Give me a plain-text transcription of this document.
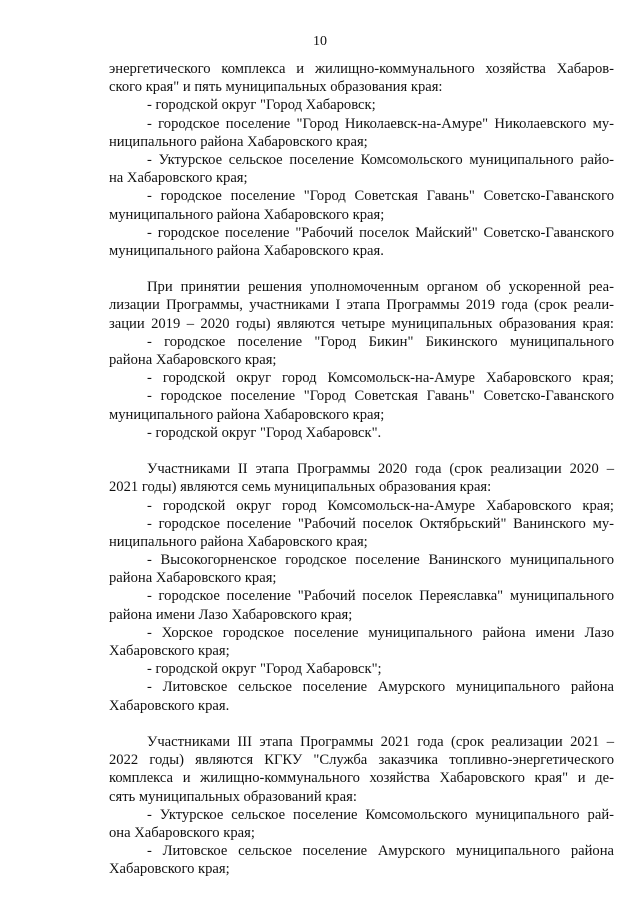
10
энергетического комплекса и жилищно-коммунального хозяйства Хабаров-
ского края" и пять муниципальных образования края:
- городской округ "Город Хабаровск;
- городское поселение "Город Николаевск-на-Амуре" Николаевского му-
ниципального района Хабаровского края;
- Уктурское сельское поселение Комсомольского муниципального райо-
на Хабаровского края;
- городское поселение "Город Советская Гавань" Советско-Гаванского
муниципального района Хабаровского края;
- городское поселение "Рабочий поселок Майский" Советско-Гаванского
муниципального района Хабаровского края.
При принятии решения уполномоченным органом об ускоренной реа-
лизации Программы, участниками I этапа Программы 2019 года (срок реали-
зации 2019 – 2020 годы) являются четыре муниципальных образования края:
- городское поселение "Город Бикин" Бикинского муниципального
района Хабаровского края;
- городской округ город Комсомольск-на-Амуре Хабаровского края;
- городское поселение "Город Советская Гавань" Советско-Гаванского
муниципального района Хабаровского края;
- городской округ "Город Хабаровск".
Участниками II этапа Программы 2020 года (срок реализации 2020 –
2021 годы) являются семь муниципальных образования края:
- городской округ город Комсомольск-на-Амуре Хабаровского края;
- городское поселение "Рабочий поселок Октябрьский" Ванинского му-
ниципального района Хабаровского края;
- Высокогорненское городское поселение Ванинского муниципального
района Хабаровского края;
- городское поселение "Рабочий поселок Переяславка" муниципального
района имени Лазо Хабаровского края;
- Хорское городское поселение муниципального района имени Лазо
Хабаровского края;
- городской округ "Город Хабаровск";
- Литовское сельское поселение Амурского муниципального района
Хабаровского края.
Участниками III этапа Программы 2021 года (срок реализации 2021 –
2022 годы) являются КГКУ "Служба заказчика топливно-энергетического
комплекса и жилищно-коммунального хозяйства Хабаровского края" и де-
сять муниципальных образований края:
- Уктурское сельское поселение Комсомольского муниципального рай-
она Хабаровского края;
- Литовское сельское поселение Амурского муниципального района
Хабаровского края;
